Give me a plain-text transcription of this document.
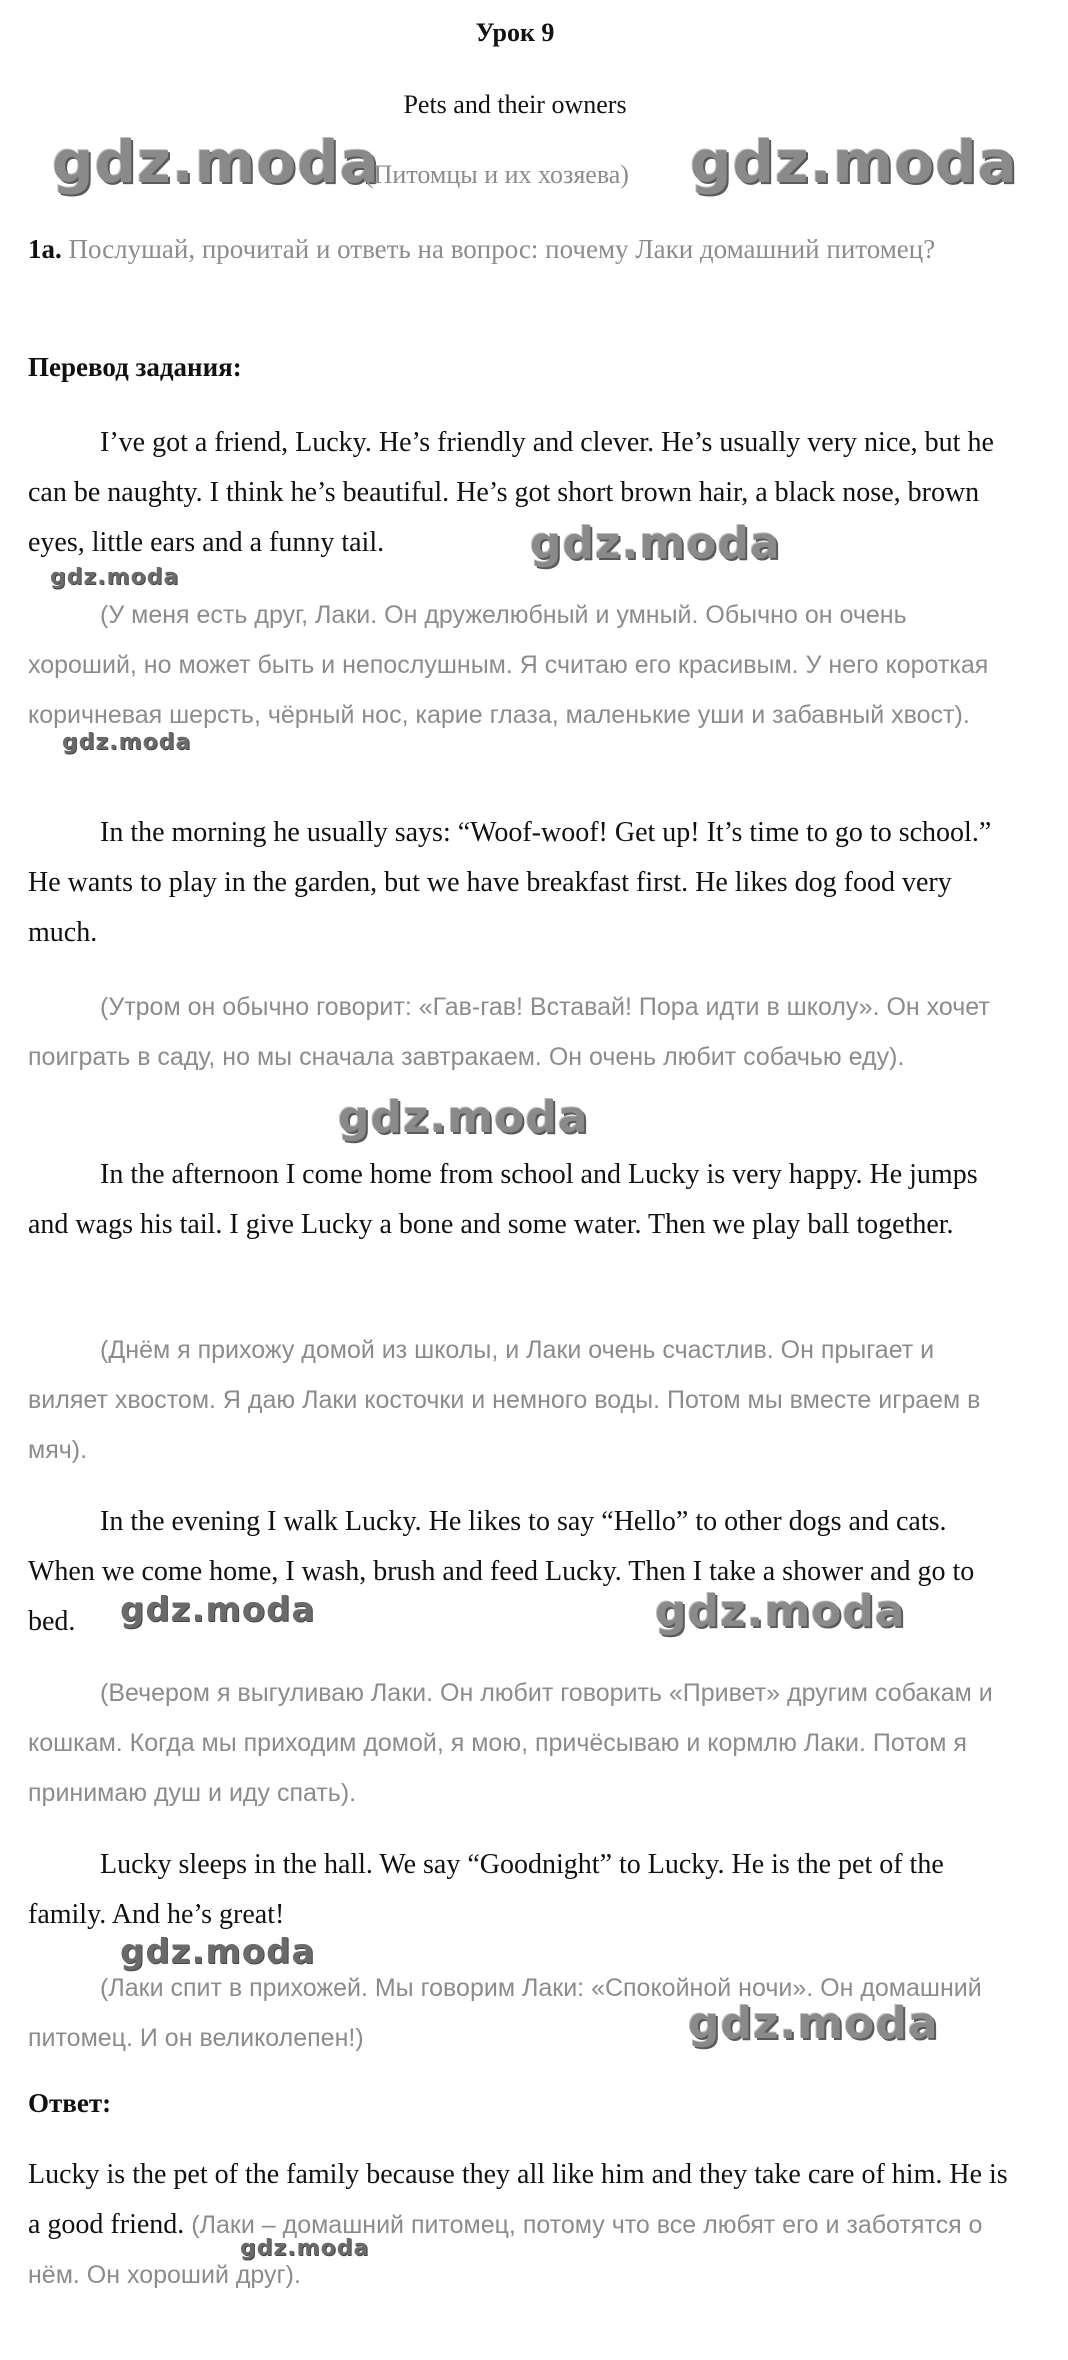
Урок 9
Pets and their owners
gdz.moda
(Питомцы и их хозяева) gdz.moda
1a. Послушай, прочитай и ответь на вопрос: почему Лаки домашний питомец?
Перевод задания:
I’ve got a friend, Lucky. He’s friendly and clever. He’s usually very nice, but he can be naughty. I think he’s beautiful. He’s got short brown hair, a black nose, brown eyes, little ears and a funny tail.	gdz.moda
gdz.moda
(У меня есть друг, Лаки. Он дружелюбный и умный. Обычно он очень хороший, но может быть и непослушным. Я считаю его красивым. У него короткая коричневая шерсть, чёрный нос, карие глаза, маленькие уши и забавный хвост).
gdz.moda
In the morning he usually says: “Woof-woof! Get up! It’s time to go to school.” He wants to play in the garden, but we have breakfast first. He likes dog food very much.
(Утром он обычно говорит: «Гав-гав! Вставай! Пора идти в школу». Он хочет поиграть в саду, но мы сначала завтракаем. Он очень любит собачью еду).
gdz.moda
In the afternoon I come home from school and Lucky is very happy. He jumps and wags his tail. I give Lucky a bone and some water. Then we play ball together.
(Днём я прихожу домой из школы, и Лаки очень счастлив. Он прыгает и виляет хвостом. Я даю Лаки косточки и немного воды. Потом мы вместе играем в мяч).
In the evening I walk Lucky. He likes to say “Hello” to other dogs and cats. When we come home, I wash, brush and feed Lucky. Then I take a shower and go to bed.	gdz.moda	gdz.moda
(Вечером я выгуливаю Лаки. Он любит говорить «Привет» другим собакам и кошкам. Когда мы приходим домой, я мою, причёсываю и кормлю Лаки. Потом я принимаю душ и иду спать).
Lucky sleeps in the hall. We say “Goodnight” to Lucky. He is the pet of the family. And he’s great!
gdz.moda
(Лаки спит в прихожей. Мы говорим Лаки: «Спокойной ночи». Он домашний питомец. И он великолепен!)	gdz.moda
Ответ:
Lucky is the pet of the family because they all like him and they take care of him. He is a good friend. (Лаки – домашний питомец, потому что все любят его и заботятся о нём. Он хороший друг).
gdz.moda
